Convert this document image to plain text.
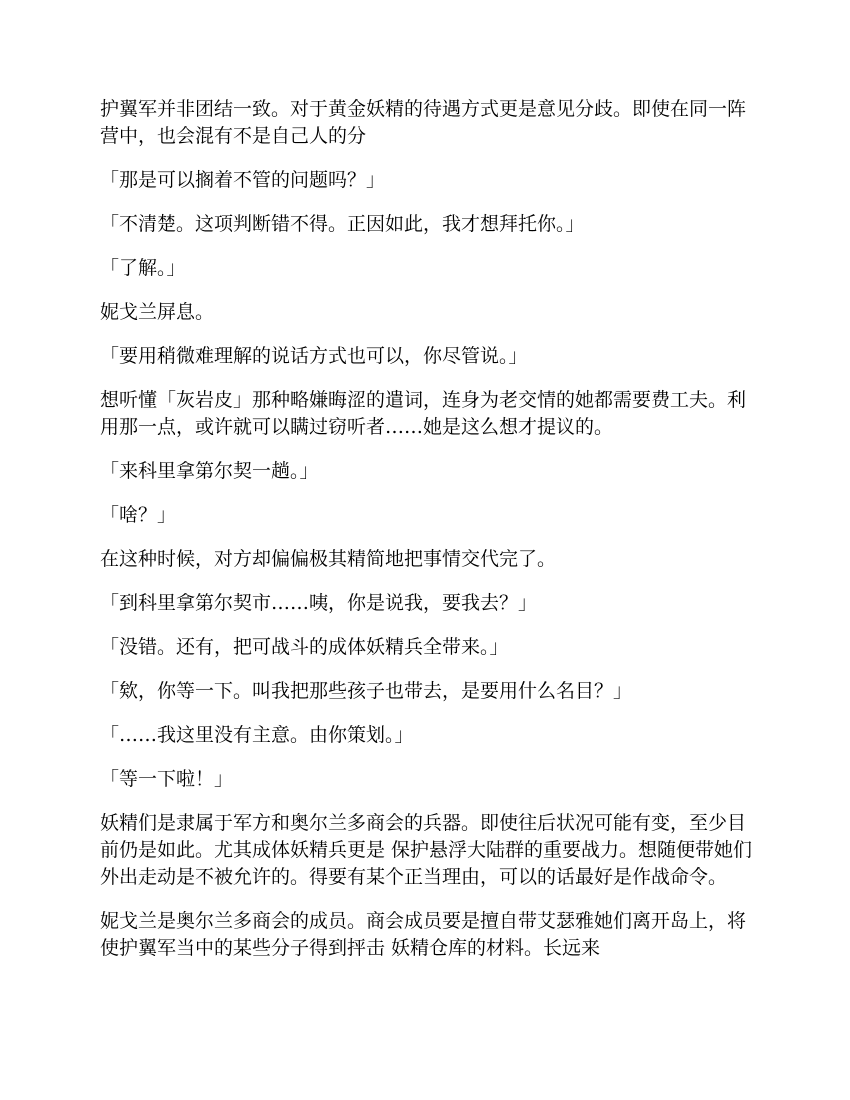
护翼军并非团结一致。对于黄金妖精的待遇方式更是意见分歧。即使在同一阵营中，也会混有不是自己人的分

「那是可以搁着不管的问题吗？」

「不清楚。这项判断错不得。正因如此，我才想拜托你。」

「了解。」

妮戈兰屏息。

「要用稍微难理解的说话方式也可以，你尽管说。」

想听懂「灰岩皮」那种略嫌晦涩的遣词，连身为老交情的她都需要费工夫。利用那一点，或许就可以瞒过窃听者……她是这么想才提议的。

「来科里拿第尔契一趟。」

「啥？」

在这种时候，对方却偏偏极其精简地把事情交代完了。

「到科里拿第尔契市……咦，你是说我，要我去？」

「没错。还有，把可战斗的成体妖精兵全带来。」

「欸，你等一下。叫我把那些孩子也带去，是要用什么名目？」

「……我这里没有主意。由你策划。」

「等一下啦！」

妖精们是隶属于军方和奥尔兰多商会的兵器。即使往后状况可能有变，至少目前仍是如此。尤其成体妖精兵更是 保护悬浮大陆群的重要战力。想随便带她们外出走动是不被允许的。得要有某个正当理由，可以的话最好是作战命令。

妮戈兰是奥尔兰多商会的成员。商会成员要是擅自带艾瑟雅她们离开岛上，将使护翼军当中的某些分子得到抨击 妖精仓库的材料。长远来
